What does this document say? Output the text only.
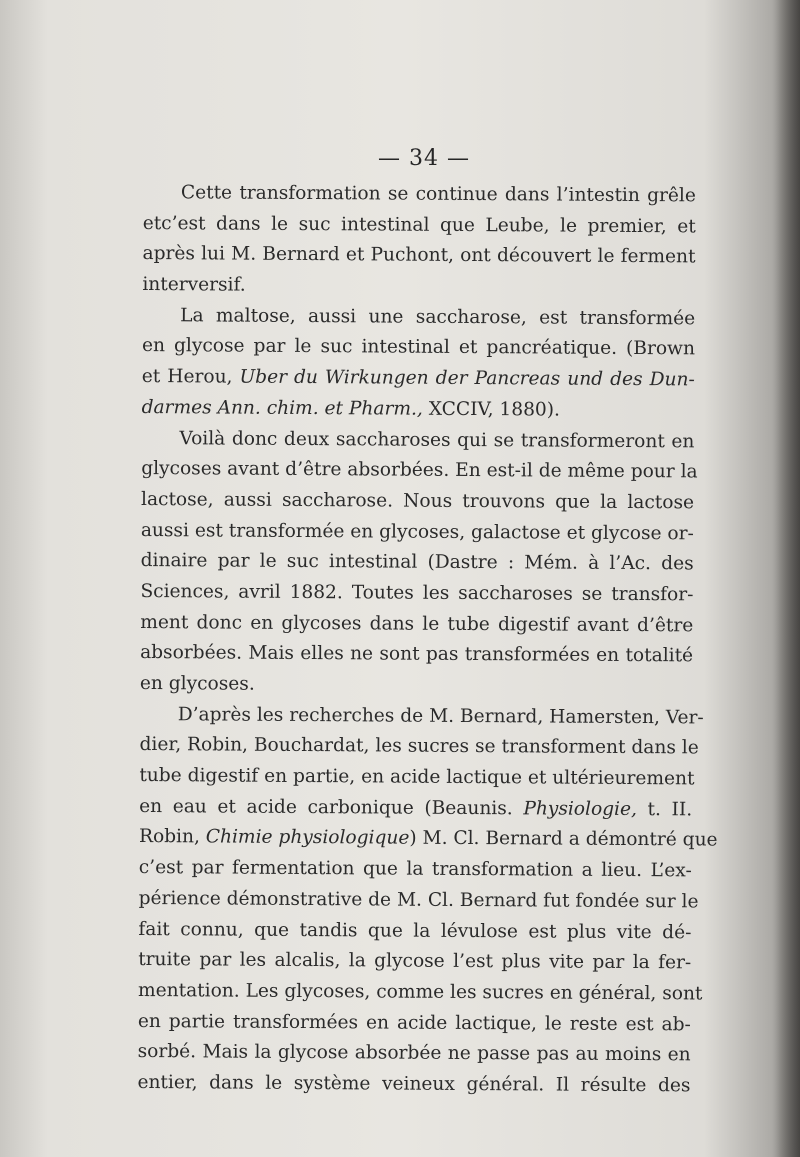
— 34 —
Cette transformation se continue dans l’intestin grêle
etc’est dans le suc intestinal que Leube, le premier, et
après lui M. Bernard et Puchont, ont découvert le ferment
interversif.
La maltose, aussi une saccharose, est transformée
en glycose par le suc intestinal et pancréatique. (Brown
et Herou, Uber du Wirkungen der Pancreas und des Dun-
darmes Ann. chim. et Pharm., XCCIV, 1880).
Voilà donc deux saccharoses qui se transformeront en
glycoses avant d’être absorbées. En est-il de même pour la
lactose, aussi saccharose. Nous trouvons que la lactose
aussi est transformée en glycoses, galactose et glycose or-
dinaire par le suc intestinal (Dastre : Mém. à l’Ac. des
Sciences, avril 1882. Toutes les saccharoses se transfor-
ment donc en glycoses dans le tube digestif avant d’être
absorbées. Mais elles ne sont pas transformées en totalité
en glycoses.
D’après les recherches de M. Bernard, Hamersten, Ver-
dier, Robin, Bouchardat, les sucres se transforment dans le
tube digestif en partie, en acide lactique et ultérieurement
en eau et acide carbonique (Beaunis. Physiologie, t. II.
Robin, Chimie physiologique) M. Cl. Bernard a démontré que
c’est par fermentation que la transformation a lieu. L’ex-
périence démonstrative de M. Cl. Bernard fut fondée sur le
fait connu, que tandis que la lévulose est plus vite dé-
truite par les alcalis, la glycose l’est plus vite par la fer-
mentation. Les glycoses, comme les sucres en général, sont
en partie transformées en acide lactique, le reste est ab-
sorbé. Mais la glycose absorbée ne passe pas au moins en
entier, dans le système veineux général. Il résulte des
